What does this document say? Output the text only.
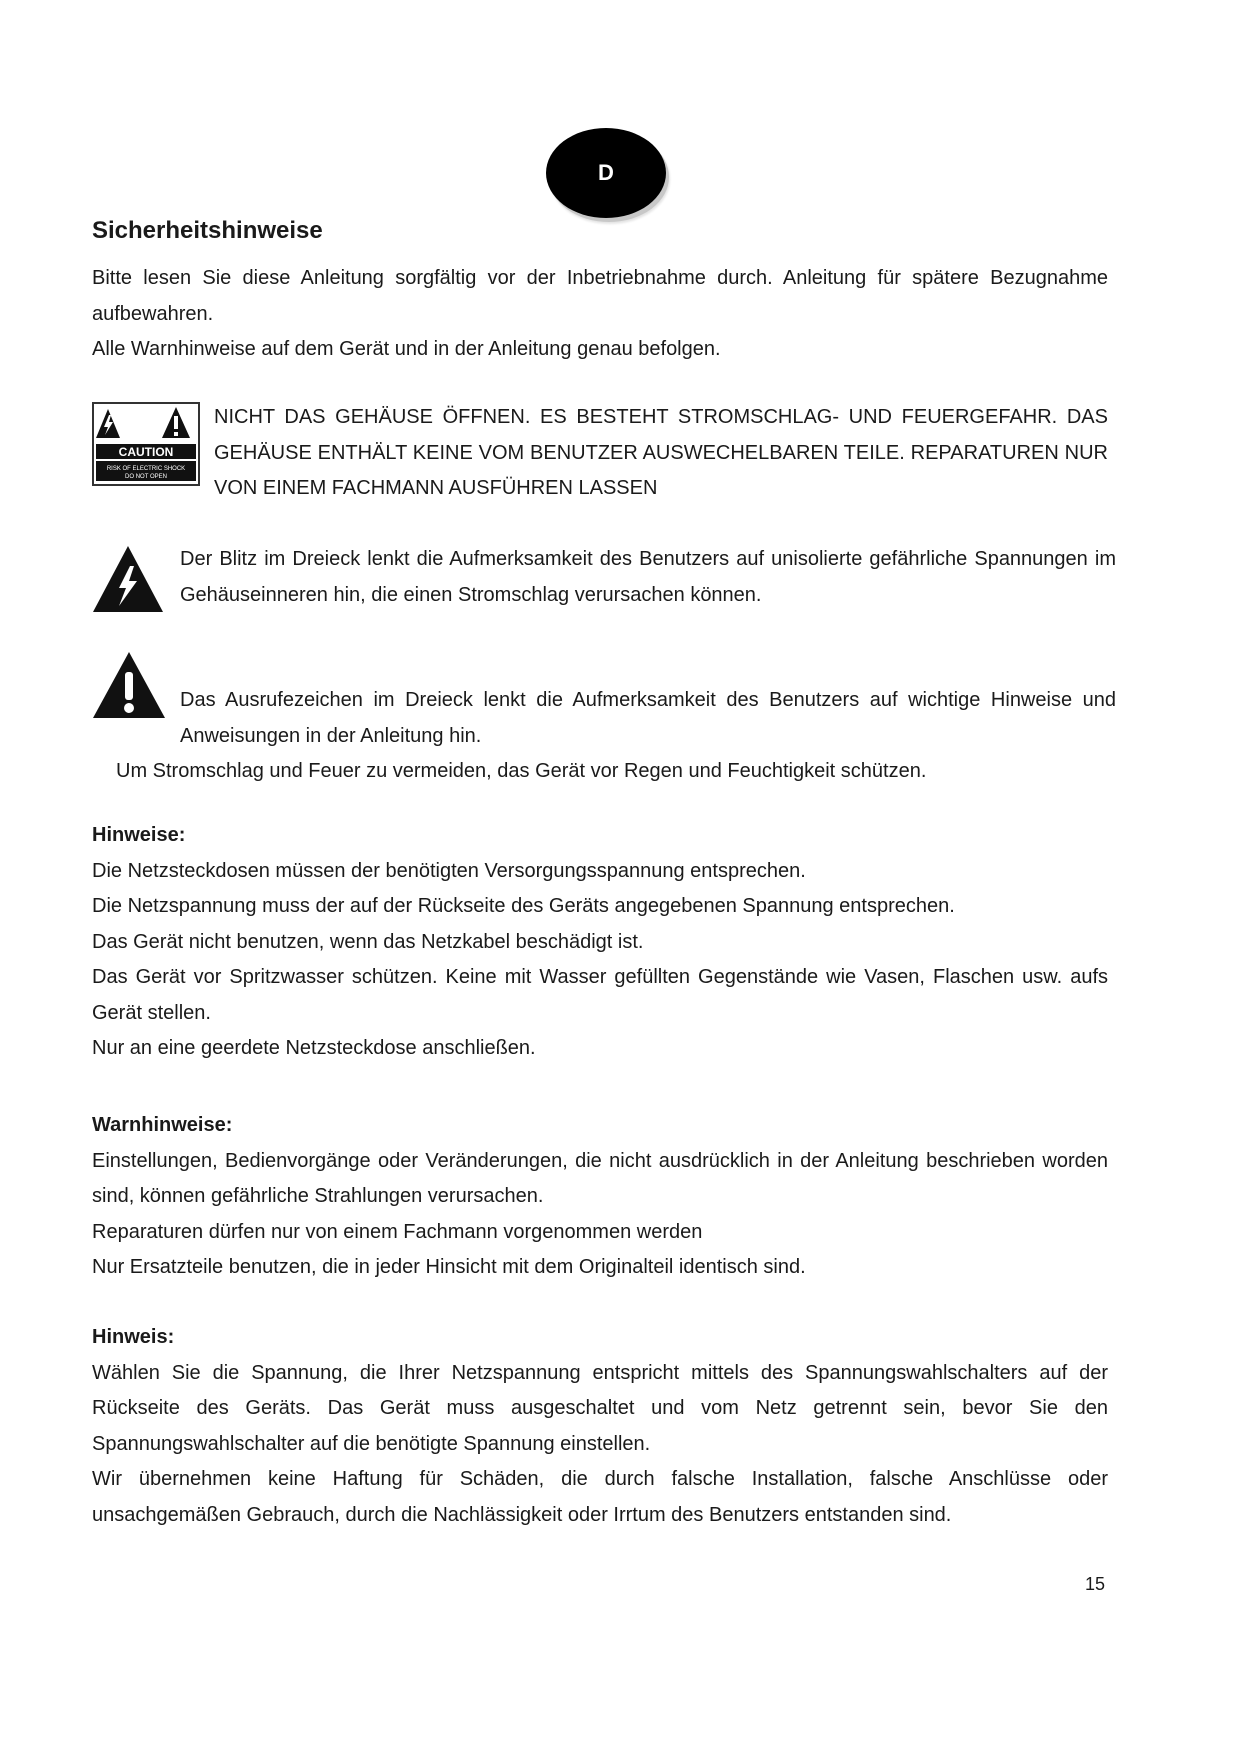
D
Sicherheitshinweise

Bitte lesen Sie diese Anleitung sorgfältig vor der Inbetriebnahme durch. Anleitung für spätere Bezugnahme aufbewahren.

Alle Warnhinweise auf dem Gerät und in der Anleitung genau befolgen.

CAUTION
RISK OF ELECTRIC SHOCK
DO NOT OPEN

NICHT DAS GEHÄUSE ÖFFNEN. ES BESTEHT STROMSCHLAG- UND FEUERGEFAHR. DAS GEHÄUSE ENTHÄLT KEINE VOM BENUTZER AUSWECHELBAREN TEILE. REPARATUREN NUR VON EINEM FACHMANN AUSFÜHREN LASSEN

Der Blitz im Dreieck lenkt die Aufmerksamkeit des Benutzers auf unisolierte gefährliche Spannungen im Gehäuseinneren hin, die einen Stromschlag verursachen können.

Das Ausrufezeichen im Dreieck lenkt die Aufmerksamkeit des Benutzers auf wichtige Hinweise und Anweisungen in der Anleitung hin.

Um Stromschlag und Feuer zu vermeiden, das Gerät vor Regen und Feuchtigkeit schützen.

Hinweise:

Die Netzsteckdosen müssen der benötigten Versorgungsspannung entsprechen.

Die Netzspannung muss der auf der Rückseite des Geräts angegebenen Spannung entsprechen.

Das Gerät nicht benutzen, wenn das Netzkabel beschädigt ist.

Das Gerät vor Spritzwasser schützen. Keine mit Wasser gefüllten Gegenstände wie Vasen, Flaschen usw. aufs Gerät stellen.

Nur an eine geerdete Netzsteckdose anschließen.

Warnhinweise:

Einstellungen, Bedienvorgänge oder Veränderungen, die nicht ausdrücklich in der Anleitung beschrieben worden sind, können gefährliche Strahlungen verursachen.

Reparaturen dürfen nur von einem Fachmann vorgenommen werden

Nur Ersatzteile benutzen, die in jeder Hinsicht mit dem Originalteil identisch sind.

Hinweis:

Wählen Sie die Spannung, die Ihrer Netzspannung entspricht mittels des Spannungswahlschalters auf der Rückseite des Geräts. Das Gerät muss ausgeschaltet und vom Netz getrennt sein, bevor Sie den Spannungswahlschalter auf die benötigte Spannung einstellen.

Wir übernehmen keine Haftung für Schäden, die durch falsche Installation, falsche Anschlüsse oder unsachgemäßen Gebrauch, durch die Nachlässigkeit oder Irrtum des Benutzers entstanden sind.

15
